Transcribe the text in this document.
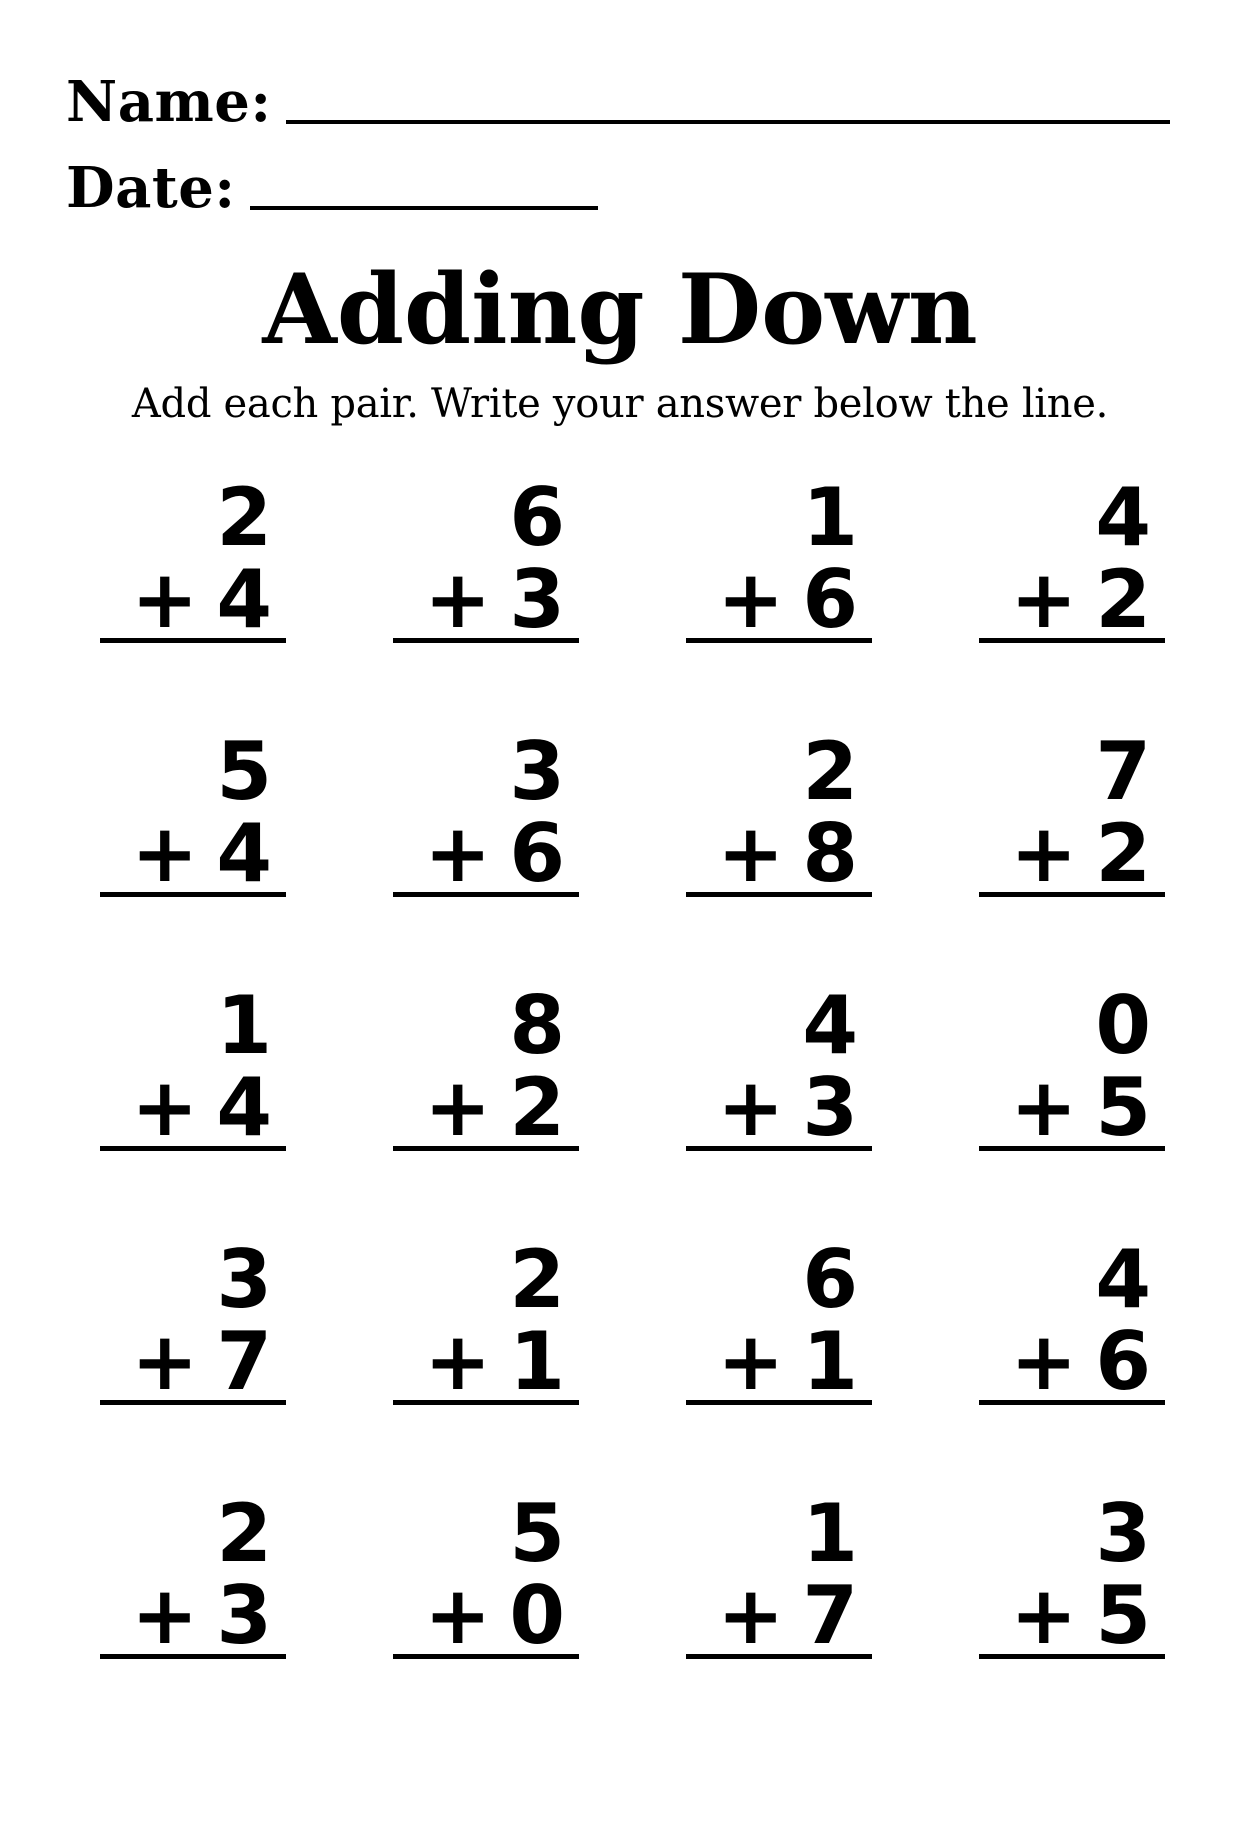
Name:
Date:
Adding Down
Add each pair. Write your answer below the line.
2
+ 4
6
+ 3
1
+ 6
4
+ 2
5
+ 4
3
+ 6
2
+ 8
7
+ 2
1
+ 4
8
+ 2
4
+ 3
0
+ 5
3
+ 7
2
+ 1
6
+ 1
4
+ 6
2
+ 3
5
+ 0
1
+ 7
3
+ 5
